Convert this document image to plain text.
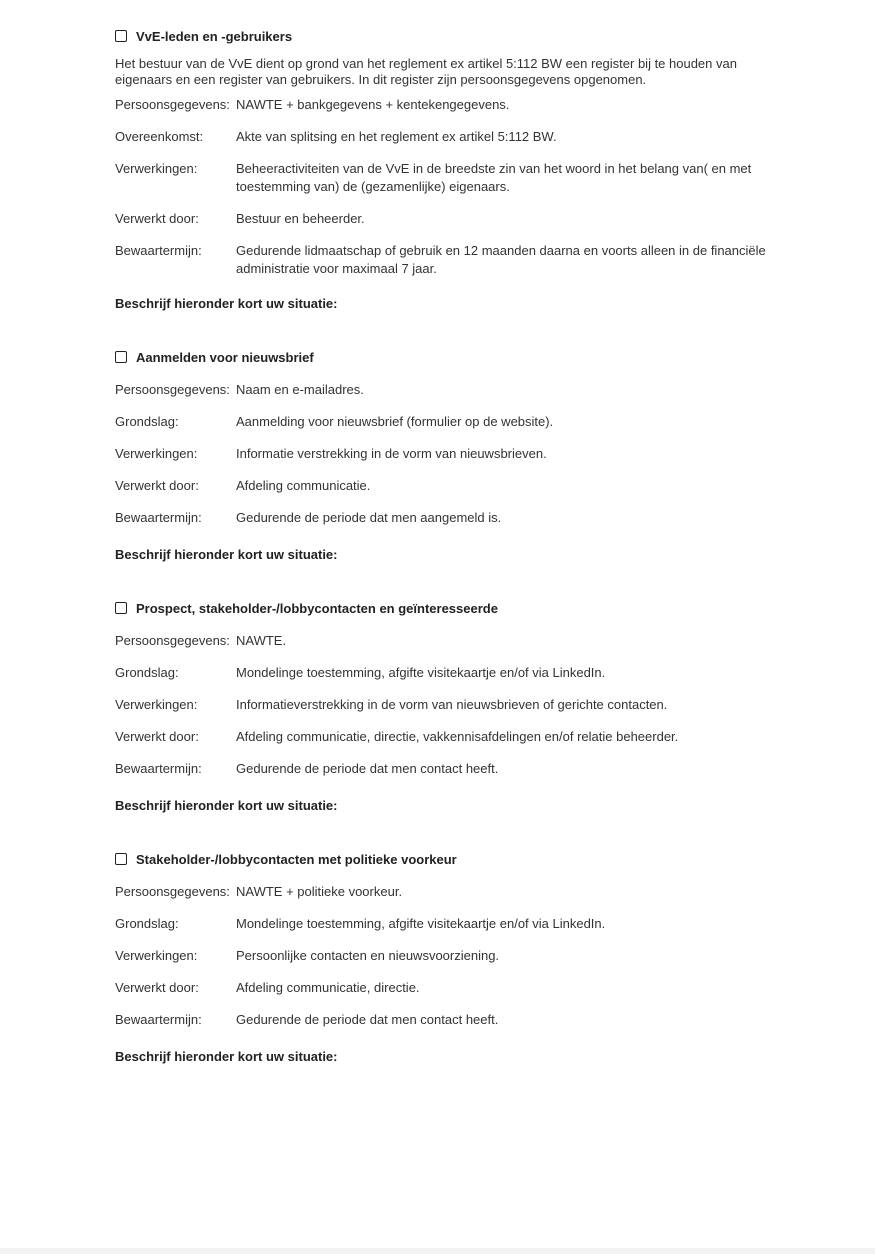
VvE-leden en -gebruikers

Het bestuur van de VvE dient op grond van het reglement ex artikel 5:112 BW een register bij te houden van eigenaars en een register van gebruikers. In dit register zijn persoonsgegevens opgenomen.

Persoonsgegevens: NAWTE + bankgegevens + kentekengegevens.
Overeenkomst:	Akte van splitsing en het reglement ex artikel 5:112 BW.
Verwerkingen:	Beheeractiviteiten van de VvE in de breedste zin van het woord in het belang van( en met toestemming van) de (gezamenlijke) eigenaars.
Verwerkt door:	Bestuur en beheerder.
Bewaartermijn:	Gedurende lidmaatschap of gebruik en 12 maanden daarna en voorts alleen in de financiële administratie voor maximaal 7 jaar.
Beschrijf hieronder kort uw situatie:
Aanmelden voor nieuwsbrief
Persoonsgegevens: Naam en e-mailadres.
Grondslag:	Aanmelding voor nieuwsbrief (formulier op de website).
Verwerkingen:	Informatie verstrekking in de vorm van nieuwsbrieven.
Verwerkt door:	Afdeling communicatie.
Bewaartermijn:	Gedurende de periode dat men aangemeld is.
Beschrijf hieronder kort uw situatie:
Prospect, stakeholder-/lobbycontacten en geïnteresseerde
Persoonsgegevens: NAWTE.
Grondslag:	Mondelinge toestemming, afgifte visitekaartje en/of via LinkedIn.
Verwerkingen:	Informatieverstrekking in de vorm van nieuwsbrieven of gerichte contacten.
Verwerkt door:	Afdeling communicatie, directie, vakkennisafdelingen en/of relatie beheerder.
Bewaartermijn:	Gedurende de periode dat men contact heeft.
Beschrijf hieronder kort uw situatie:
Stakeholder-/lobbycontacten met politieke voorkeur
Persoonsgegevens: NAWTE + politieke voorkeur.
Grondslag:	Mondelinge toestemming, afgifte visitekaartje en/of via LinkedIn.
Verwerkingen:	Persoonlijke contacten en nieuwsvoorziening.
Verwerkt door:	Afdeling communicatie, directie.
Bewaartermijn:	Gedurende de periode dat men contact heeft.
Beschrijf hieronder kort uw situatie:
